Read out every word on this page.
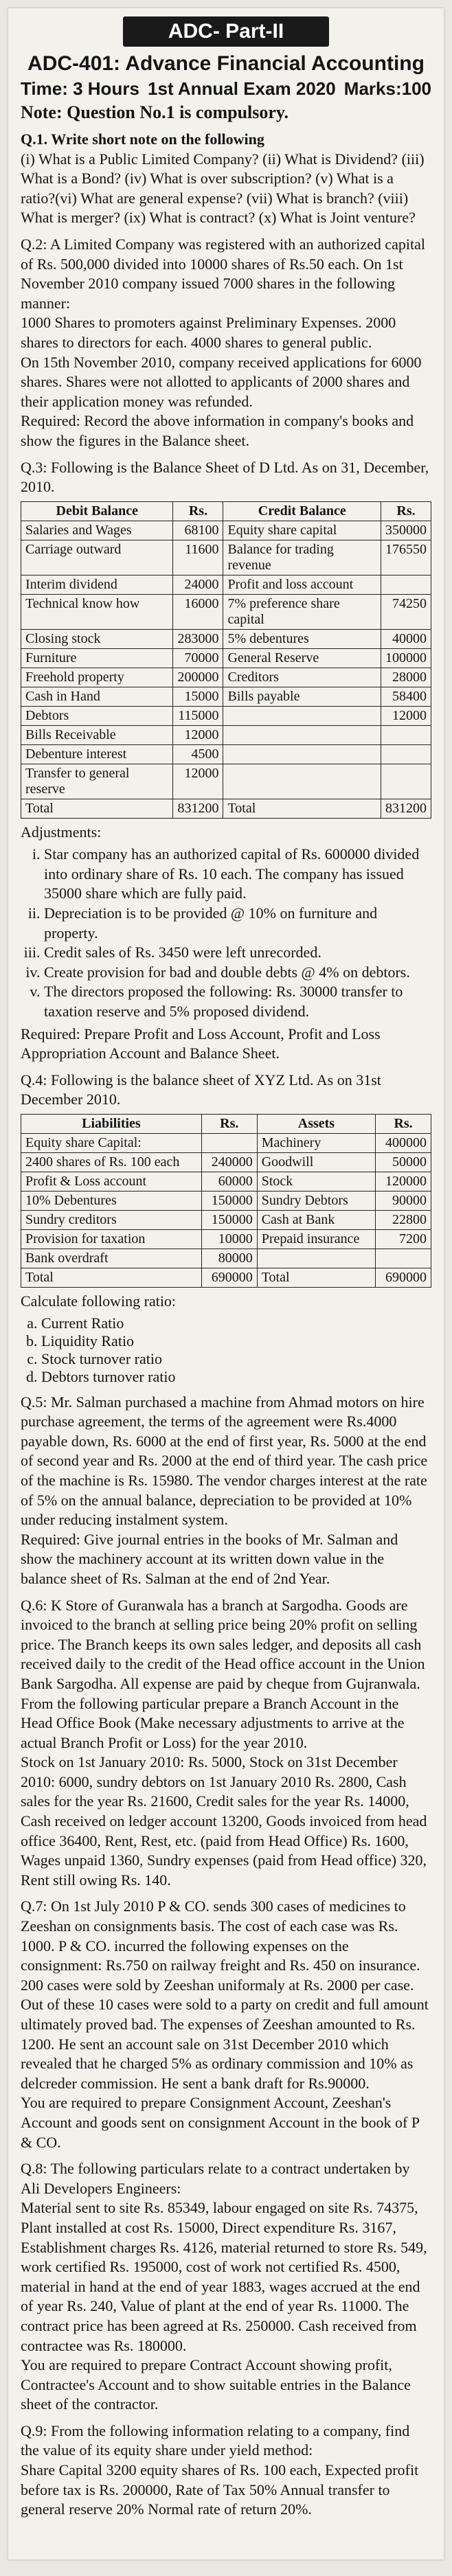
ADC- Part-II
ADC-401: Advance Financial Accounting
Time: 3 Hours 1st Annual Exam 2020 Marks:100
Note: Question No.1 is compulsory.
Q.1. Write short note on the following
(i) What is a Public Limited Company? (ii) What is Dividend? (iii) What is a Bond? (iv) What is over subscription? (v) What is a ratio?(vi) What are general expense? (vii) What is branch? (viii) What is merger? (ix) What is contract? (x) What is Joint venture?
Q.2: A Limited Company was registered with an authorized capital of Rs. 500,000 divided into 10000 shares of Rs.50 each. On 1st November 2010 company issued 7000 shares in the following manner:
1000 Shares to promoters against Preliminary Expenses. 2000 shares to directors for each. 4000 shares to general public.
On 15th November 2010, company received applications for 6000 shares. Shares were not allotted to applicants of 2000 shares and their application money was refunded.
Required: Record the above information in company's books and show the figures in the Balance sheet.
Q.3: Following is the Balance Sheet of D Ltd. As on 31, December, 2010.
Debit Balance	Rs.	Credit Balance	Rs.
Salaries and Wages	68100	Equity share capital	350000
Carriage outward	11600	Balance for trading revenue	176550
Interim dividend	24000	Profit and loss account	
Technical know how	16000	7% preference share capital	74250
Closing stock	283000	5% debentures	40000
Furniture	70000	General Reserve	100000
Freehold property	200000	Creditors	28000
Cash in Hand	15000	Bills payable	58400
Debtors	115000		12000
Bills Receivable	12000		
Debenture interest	4500		
Transfer to general reserve	12000		
Total	831200	Total	831200
Adjustments:
i. Star company has an authorized capital of Rs. 600000 divided into ordinary share of Rs. 10 each. The company has issued 35000 share which are fully paid.
ii. Depreciation is to be provided @ 10% on furniture and property.
iii. Credit sales of Rs. 3450 were left unrecorded.
iv. Create provision for bad and double debts @ 4% on debtors.
v. The directors proposed the following: Rs. 30000 transfer to taxation reserve and 5% proposed dividend.
Required: Prepare Profit and Loss Account, Profit and Loss Appropriation Account and Balance Sheet.
Q.4: Following is the balance sheet of XYZ Ltd. As on 31st December 2010.
Liabilities	Rs.	Assets	Rs.
Equity share Capital:		Machinery	400000
2400 shares of Rs. 100 each	240000	Goodwill	50000
Profit & Loss account	60000	Stock	120000
10% Debentures	150000	Sundry Debtors	90000
Sundry creditors	150000	Cash at Bank	22800
Provision for taxation	10000	Prepaid insurance	7200
Bank overdraft	80000		
Total	690000	Total	690000
Calculate following ratio:
a. Current Ratio
b. Liquidity Ratio
c. Stock turnover ratio
d. Debtors turnover ratio
Q.5: Mr. Salman purchased a machine from Ahmad motors on hire purchase agreement, the terms of the agreement were Rs.4000 payable down, Rs. 6000 at the end of first year, Rs. 5000 at the end of second year and Rs. 2000 at the end of third year. The cash price of the machine is Rs. 15980. The vendor charges interest at the rate of 5% on the annual balance, depreciation to be provided at 10% under reducing instalment system.
Required: Give journal entries in the books of Mr. Salman and show the machinery account at its written down value in the balance sheet of Rs. Salman at the end of 2nd Year.
Q.6: K Store of Guranwala has a branch at Sargodha. Goods are invoiced to the branch at selling price being 20% profit on selling price. The Branch keeps its own sales ledger, and deposits all cash received daily to the credit of the Head office account in the Union Bank Sargodha. All expense are paid by cheque from Gujranwala. From the following particular prepare a Branch Account in the Head Office Book (Make necessary adjustments to arrive at the actual Branch Profit or Loss) for the year 2010.
Stock on 1st January 2010: Rs. 5000, Stock on 31st December 2010: 6000, sundry debtors on 1st January 2010 Rs. 2800, Cash sales for the year Rs. 21600, Credit sales for the year Rs. 14000, Cash received on ledger account 13200, Goods invoiced from head office 36400, Rent, Rest, etc. (paid from Head Office) Rs. 1600, Wages unpaid 1360, Sundry expenses (paid from Head office) 320, Rent still owing Rs. 140.
Q.7: On 1st July 2010 P & CO. sends 300 cases of medicines to Zeeshan on consignments basis. The cost of each case was Rs. 1000. P & CO. incurred the following expenses on the consignment: Rs.750 on railway freight and Rs. 450 on insurance.
200 cases were sold by Zeeshan uniformaly at Rs. 2000 per case. Out of these 10 cases were sold to a party on credit and full amount ultimately proved bad. The expenses of Zeeshan amounted to Rs. 1200. He sent an account sale on 31st December 2010 which revealed that he charged 5% as ordinary commission and 10% as delcreder commission. He sent a bank draft for Rs.90000.
You are required to prepare Consignment Account, Zeeshan's Account and goods sent on consignment Account in the book of P & CO.
Q.8: The following particulars relate to a contract undertaken by Ali Developers Engineers:
Material sent to site Rs. 85349, labour engaged on site Rs. 74375, Plant installed at cost Rs. 15000, Direct expenditure Rs. 3167, Establishment charges Rs. 4126, material returned to store Rs. 549, work certified Rs. 195000, cost of work not certified Rs. 4500, material in hand at the end of year 1883, wages accrued at the end of year Rs. 240, Value of plant at the end of year Rs. 11000. The contract price has been agreed at Rs. 250000. Cash received from contractee was Rs. 180000.
You are required to prepare Contract Account showing profit, Contractee's Account and to show suitable entries in the Balance sheet of the contractor.
Q.9: From the following information relating to a company, find the value of its equity share under yield method:
Share Capital 3200 equity shares of Rs. 100 each, Expected profit before tax is Rs. 200000, Rate of Tax 50% Annual transfer to general reserve 20% Normal rate of return 20%.
